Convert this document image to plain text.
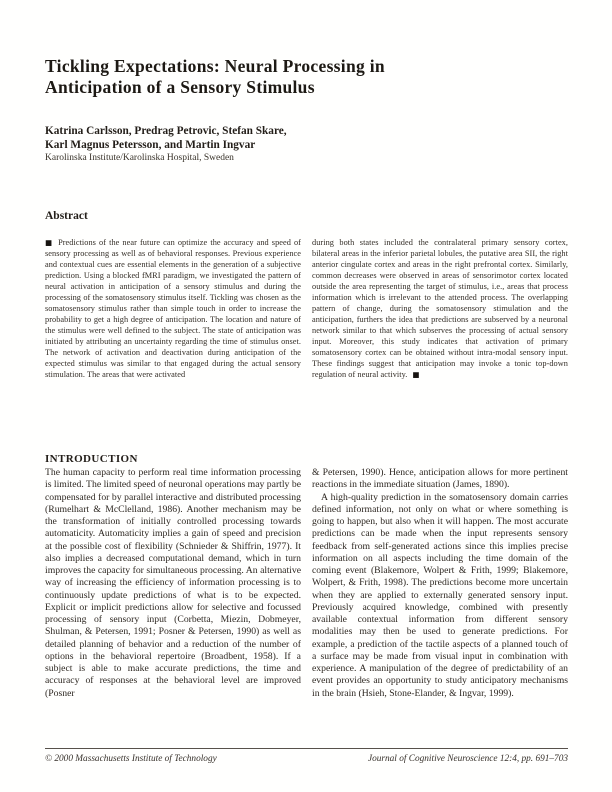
Tickling Expectations: Neural Processing in
Anticipation of a Sensory Stimulus
Katrina Carlsson, Predrag Petrovic, Stefan Skare,
Karl Magnus Petersson, and Martin Ingvar
Karolinska Institute/Karolinska Hospital, Sweden
Abstract
■ Predictions of the near future can optimize the accuracy and speed of sensory processing as well as of behavioral responses. Previous experience and contextual cues are essential elements in the generation of a subjective prediction. Using a blocked fMRI paradigm, we investigated the pattern of neural activation in anticipation of a sensory stimulus and during the processing of the somatosensory stimulus itself. Tickling was chosen as the somatosensory stimulus rather than simple touch in order to increase the probability to get a high degree of anticipation. The location and nature of the stimulus were well defined to the subject. The state of anticipation was initiated by attributing an uncertainty regarding the time of stimulus onset. The network of activation and deactivation during anticipation of the expected stimulus was similar to that engaged during the actual sensory stimulation. The areas that were activated
during both states included the contralateral primary sensory cortex, bilateral areas in the inferior parietal lobules, the putative area SII, the right anterior cingulate cortex and areas in the right prefrontal cortex. Similarly, common decreases were observed in areas of sensorimotor cortex located outside the area representing the target of stimulus, i.e., areas that process information which is irrelevant to the attended process. The overlapping pattern of change, during the somatosensory stimulation and the anticipation, furthers the idea that predictions are subserved by a neuronal network similar to that which subserves the processing of actual sensory input. Moreover, this study indicates that activation of primary somatosensory cortex can be obtained without intra-modal sensory input. These findings suggest that anticipation may invoke a tonic top-down regulation of neural activity. ■
INTRODUCTION

The human capacity to perform real time information processing is limited. The limited speed of neuronal operations may partly be compensated for by parallel interactive and distributed processing (Rumelhart & McClelland, 1986). Another mechanism may be the transformation of initially controlled processing towards automaticity. Automaticity implies a gain of speed and precision at the possible cost of flexibility (Schnieder & Shiffrin, 1977). It also implies a decreased computational demand, which in turn improves the capacity for simultaneous processing. An alternative way of increasing the efficiency of information processing is to continuously update predictions of what is to be expected. Explicit or implicit predictions allow for selective and focussed processing of sensory input (Corbetta, Miezin, Dobmeyer, Shulman, & Petersen, 1991; Posner & Petersen, 1990) as well as detailed planning of behavior and a reduction of the number of options in the behavioral repertoire (Broadbent, 1958). If a subject is able to make accurate predictions, the time and accuracy of responses at the behavioral level are improved (Posner

& Petersen, 1990). Hence, anticipation allows for more pertinent reactions in the immediate situation (James, 1890).

A high-quality prediction in the somatosensory domain carries defined information, not only on what or where something is going to happen, but also when it will happen. The most accurate predictions can be made when the input represents sensory feedback from self-generated actions since this implies precise information on all aspects including the time domain of the coming event (Blakemore, Wolpert & Frith, 1999; Blakemore, Wolpert, & Frith, 1998). The predictions become more uncertain when they are applied to externally generated sensory input. Previously acquired knowledge, combined with presently available contextual information from different sensory modalities may then be used to generate predictions. For example, a prediction of the tactile aspects of a planned touch of a surface may be made from visual input in combination with experience. A manipulation of the degree of predictability of an event provides an opportunity to study anticipatory mechanisms in the brain (Hsieh, Stone-Elander, & Ingvar, 1999).

© 2000 Massachusetts Institute of Technology	Journal of Cognitive Neuroscience 12:4, pp. 691–703
